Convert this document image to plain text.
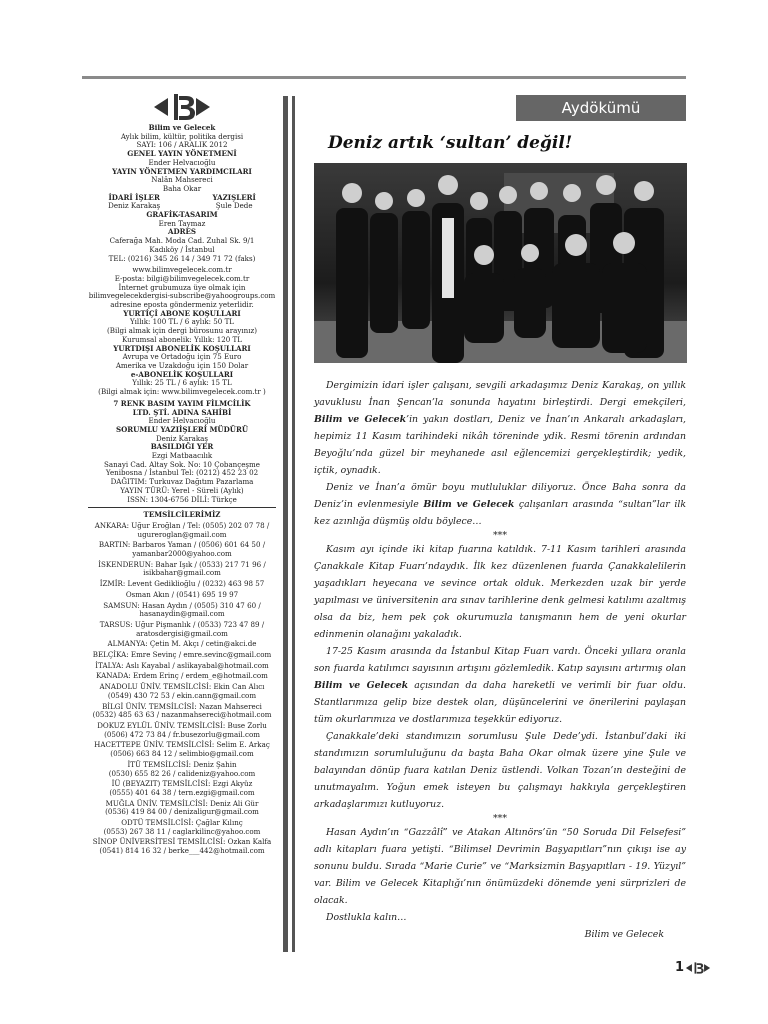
Bilim ve Gelecek
Aylık bilim, kültür, politika dergisi
SAYI: 106 / ARALIK 2012
GENEL YAYIN YÖNETMENİ
Ender Helvacıoğlu
YAYIN YÖNETMEN YARDIMCILARI
Nalân Mahsereci
Baha Okar
İDARİ İŞLER
Deniz Karakaş
YAZIŞLERİ
Şule Dede
GRAFİK-TASARIM
Eren Taymaz
ADRES
Caferağa Mah. Moda Cad. Zuhal Sk. 9/1
Kadıköy / İstanbul
TEL: (0216) 345 26 14 / 349 71 72 (faks)
www.bilimvegelecek.com.tr
E-posta: bilgi@bilimvegelecek.com.tr
İnternet grubumuza üye olmak için
bilimvegelecekdergisi-subscribe@yahoogroups.com
adresine eposta göndermeniz yeterlidir.
YURTİÇİ ABONE KOŞULLARI
Yıllık: 100 TL / 6 aylık: 50 TL
(Bilgi almak için dergi bürosunu arayınız)
Kurumsal abonelik: Yıllık: 120 TL
YURTDIŞI ABONELİK KOŞULLARI
Avrupa ve Ortadoğu için 75 Euro
Amerika ve Uzakdoğu için 150 Dolar
e-ABONELİK KOŞULLARI
Yıllık: 25 TL / 6 aylık: 15 TL
(Bilgi almak için: www.bilimvegelecek.com.tr )
7 RENK BASIM YAYIM FİLMCİLİK
LTD. ŞTİ. ADINA SAHİBİ
Ender Helvacıoğlu
SORUMLU YAZIİŞLERİ MÜDÜRÜ
Deniz Karakaş
BASILDIĞI YER
Ezgi Matbaacılık
Sanayi Cad. Altay Sok. No: 10 Çobançeşme
Yenibosna / İstanbul Tel: (0212) 452 23 02
DAĞITIM: Turkuvaz Dağıtım Pazarlama
YAYIN TÜRÜ: Yerel - Süreli (Aylık)
ISSN: 1304-6756 DİLİ: Türkçe
TEMSİLCİLERİMİZ
ANKARA: Uğur Eroğlan / Tel: (0505) 202 07 78 /
ugureroglan@gmail.com
BARTIN: Barbaros Yaman / (0506) 601 64 50 /
yamanbar2000@yahoo.com
İSKENDERUN: Bahar Işık / (0533) 217 71 96 /
isikbahar@gmail.com
İZMİR: Levent Gediklioğlu / (0232) 463 98 57
Osman Akın / (0541) 695 19 97
SAMSUN: Hasan Aydın / (0505) 310 47 60 /
hasanaydin@gmail.com
TARSUS: Uğur Pişmanlık / (0533) 723 47 89 /
aratosdergisi@gmail.com
ALMANYA: Çetin M. Akçı / cetin@akci.de
BELÇİKA: Emre Sevinç / emre.sevinc@gmail.com
İTALYA: Aslı Kayabal / aslikayabal@hotmail.com
KANADA: Erdem Erinç / erdem_e@hotmail.com
ANADOLU ÜNİV. TEMSİLCİSİ: Ekin Can Alıcı
(0549) 430 72 53 / ekin.cann@gmail.com
BİLGİ ÜNİV. TEMSİLCİSİ: Nazan Mahsereci
(0532) 485 63 63 / nazanmahsereci@hotmail.com
DOKUZ EYLÜL ÜNİV. TEMSİLCİSİ: Buse Zorlu
(0506) 472 73 84 / fr.busezorlu@gmail.com
HACETTEPE ÜNİV. TEMSİLCİSİ: Selim E. Arkaç
(0506) 663 84 12 / selimbio@gmail.com
İTÜ TEMSİLCİSİ: Deniz Şahin
(0530) 655 82 26 / calideniz@yahoo.com
İÜ (BEYAZIT) TEMSİLCİSİ: Ezgi Akyüz
(0555) 401 64 38 / tern.ezgi@gmail.com
MUĞLA ÜNİV. TEMSİLCİSİ: Deniz Ali Gür
(0536) 419 84 00 / denizaligur@gmail.com
ODTÜ TEMSİLCİSİ: Çağlar Kılınç
(0553) 267 38 11 / caglarkilinc@yahoo.com
SİNOP ÜNİVERSİTESİ TEMSİLCİSİ: Ozkan Kalfa
(0541) 814 16 32 / berke___442@hotmail.com
Aydökümü
Deniz artık ‘sultan’ değil!

Dergimizin idari işler çalışanı, sevgili arkadaşımız Deniz Karakaş, on yıllık yavuklusu İnan Şencan’la sonunda hayatını birleştirdi. Dergi emekçileri, Bilim ve Gelecek’in yakın dostları, Deniz ve İnan’ın Ankaralı arkadaşları, hepimiz 11 Kasım tarihindeki nikâh töreninde ydik. Resmi törenin ardından Beyoğlu’nda güzel bir meyhanede asıl eğlencemizi gerçekleştirdik; yedik, içtik, oynadık.

Deniz ve İnan’a ömür boyu mutluluklar diliyoruz. Önce Baha sonra da Deniz’in evlenmesiyle Bilim ve Gelecek çalışanları arasında “sultan”lar ilk kez azınlığa düşmüş oldu böylece…

***

Kasım ayı içinde iki kitap fuarına katıldık. 7-11 Kasım tarihleri arasında Çanakkale Kitap Fuarı’ndaydık. İlk kez düzenlenen fuarda Çanakkalelilerin yaşadıkları heyecana ve sevince ortak olduk. Merkezden uzak bir yerde yapılması ve üniversitenin ara sınav tarihlerine denk gelmesi katılımı azaltmış olsa da biz, hem pek çok okurumuzla tanışmanın hem de yeni okurlar edinmenin olanağını yakaladık.

17-25 Kasım arasında da İstanbul Kitap Fuarı vardı. Önceki yıllara oranla son fuarda katılımcı sayısının artışını gözlemledik. Katıp sayısını artırmış olan Bilim ve Gelecek açısından da daha hareketli ve verimli bir fuar oldu. Stantlarımıza gelip bize destek olan, düşüncelerini ve önerilerini paylaşan tüm okurlarımıza ve dostlarımıza teşekkür ediyoruz.

Çanakkale’deki standımızın sorumlusu Şule Dede’ydi. İstanbul’daki iki standımızın sorumluluğunu da başta Baha Okar olmak üzere yine Şule ve balayından dönüp fuara katılan Deniz üstlendi. Volkan Tozan’ın desteğini de unutmayalım. Yoğun emek isteyen bu çalışmayı hakkıyla gerçekleştiren arkadaşlarımızı kutluyoruz.

***

Hasan Aydın’ın “Gazzâlî” ve Atakan Altınörs’ün “50 Soruda Dil Felsefesi” adlı kitapları fuara yetişti. “Bilimsel Devrimin Başyapıtları”nın çıkışı ise ay sonunu buldu. Sırada “Marie Curie” ve “Marksizmin Başyapıtları - 19. Yüzyıl” var. Bilim ve Gelecek Kitaplığı’nın önümüzdeki dönemde yeni sürprizleri de olacak.

Dostlukla kalın…

Bilim ve Gelecek

1
